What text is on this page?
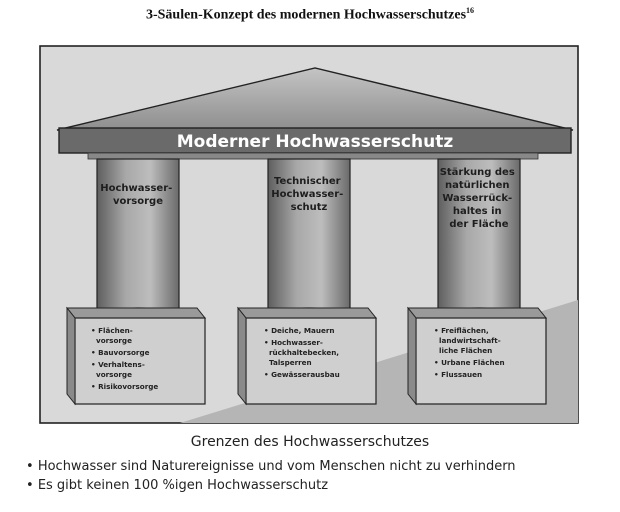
3-Säulen-Konzept des modernen Hochwasserschutzes$^{16}$
Moderner Hochwasserschutz
Hochwasser- vorsorge
• Flächen-         vorsorge • Bauvorsorge • Verhaltens-         vorsorge • Risikovorsorge
Technischer Hochwasser- schutz
• Deiche, Mauern • Hochwasser-         rückhaltebecken,         Talsperren • Gewässerausbau
Stärkung des natürlichen Wasserrück- haltes in der Fläche
• Freiflächen,         landwirtschaft-         liche Flächen • Urbane Flächen • Flussauen
Grenzen des Hochwasserschutzes
• Hochwasser sind Naturereignisse und vom Menschen nicht zu verhindern
• Es gibt keinen 100 %igen Hochwasserschutz
